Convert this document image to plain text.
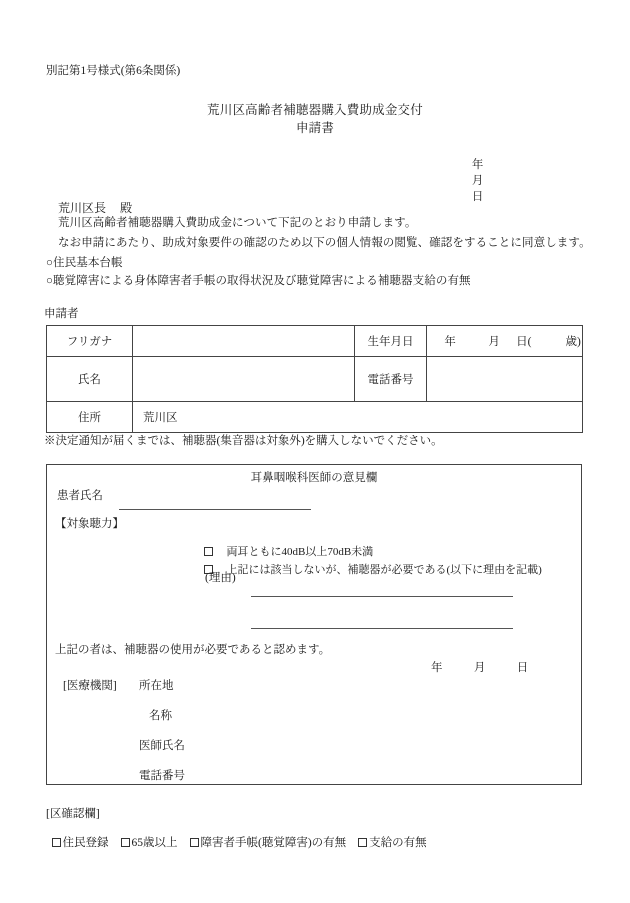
別記第1号様式(第6条関係)
荒川区高齢者補聴器購入費助成金交付
申請書

年
月
日

荒川区長 殿

荒川区高齢者補聴器購入費助成金について下記のとおり申請します。
なお申請にあたり、助成対象要件の確認のため以下の個人情報の閲覧、確認をすることに同意します。
○住民基本台帳
○聴覚障害による身体障害者手帳の取得状況及び聴覚障害による補聴器支給の有無
申請者
フリガナ		生年月日	年 月 日( 歳)
氏名		電話番号	
住所	荒川区		
※決定通知が届くまでは、補聴器(集音器は対象外)を購入しないでください。
耳鼻咽喉科医師の意見欄
患者氏名
【対象聴力】

両耳ともに40dB以上70dB未満

上記には該当しないが、補聴器が必要である(以下に理由を記載)

(理由)
上記の者は、補聴器の使用が必要であると認めます。
年	月	日
[医療機関] 所在地
名称
医師氏名
電話番号
[区確認欄]

住民登録 65歳以上 障害者手帳(聴覚障害)の有無 支給の有無
